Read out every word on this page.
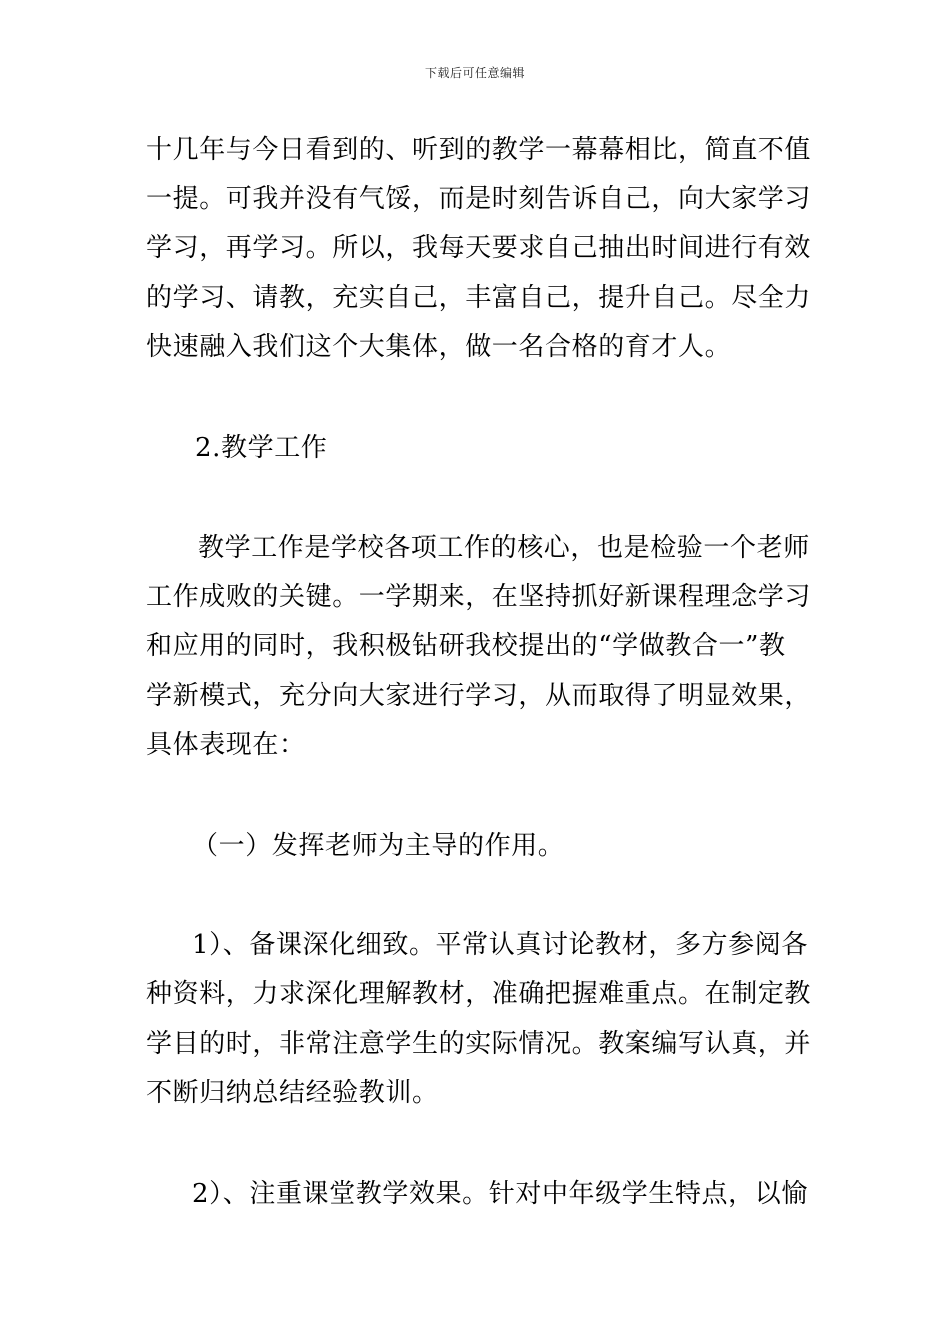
下载后可任意编辑
十几年与今日看到的、听到的教学一幕幕相比，简直不值
一提。可我并没有气馁，而是时刻告诉自己，向大家学习
学习，再学习。所以，我每天要求自己抽出时间进行有效
的学习、请教，充实自己，丰富自己，提升自己。尽全力
快速融入我们这个大集体，做一名合格的育才人。
2.教学工作
教学工作是学校各项工作的核心，也是检验一个老师
工作成败的关键。一学期来，在坚持抓好新课程理念学习
和应用的同时，我积极钻研我校提出的“学做教合一”教
学新模式，充分向大家进行学习，从而取得了明显效果，
具体表现在：
（一）发挥老师为主导的作用。
1）、备课深化细致。平常认真讨论教材，多方参阅各
种资料，力求深化理解教材，准确把握难重点。在制定教
学目的时，非常注意学生的实际情况。教案编写认真，并
不断归纳总结经验教训。
2）、注重课堂教学效果。针对中年级学生特点，以愉
